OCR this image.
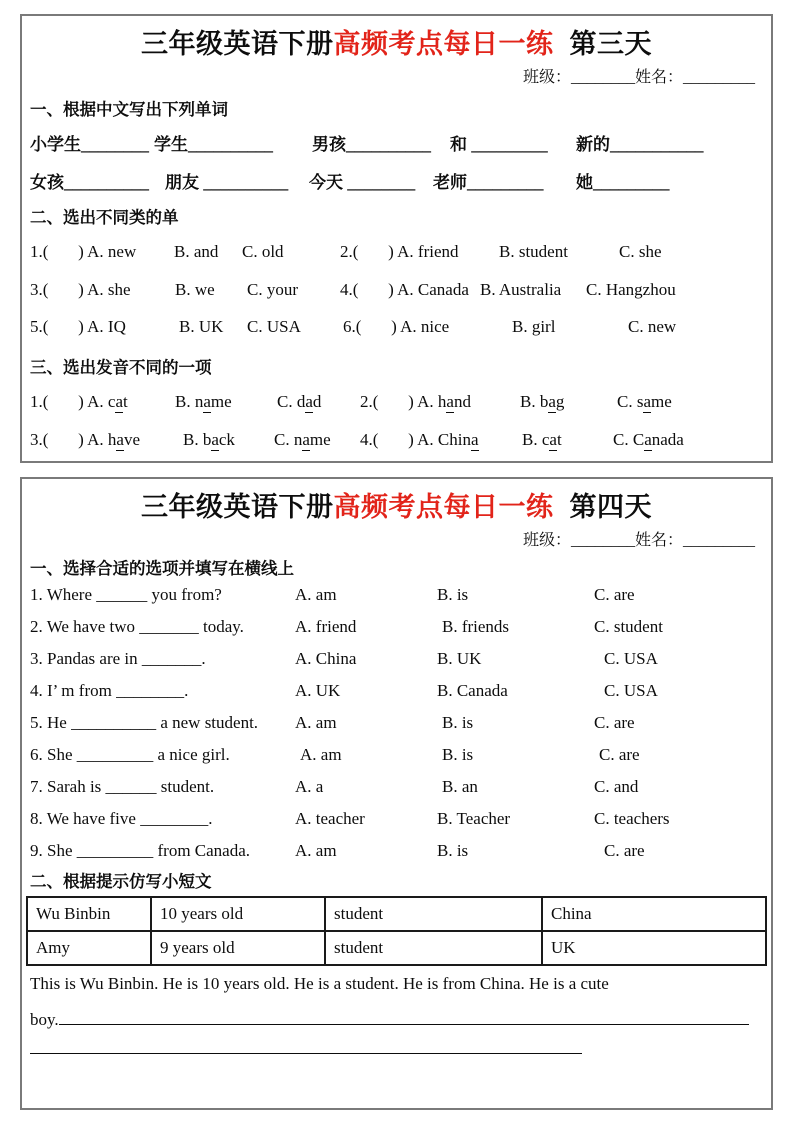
三年级英语下册高频考点每日一练 第三天
班级：________姓名：_________
一、根据中文写出下列单词
小学生________ 学生__________ 男孩__________ 和 _________ 新的___________
女孩__________ 朋友 __________ 今天 ________ 老师_________ 她_________
二、选出不同类的单
1.(       ) A. new B. and C. old	2.(       ) A. friend B. student	C. she
3.(       ) A. she	B. we C. your 4.(       ) A. Canada B. Australia C. Hangzhou
5.(       ) A. IQ	B. UK C. USA 6.(       ) A. nice	B. girl	C. new
三、选出发音不同的一项
1.(       ) A. cat	B. name	C. dad 2.(       ) A. hand	B. bag	C. same
3.(       ) A. have	B. back C. name 4.(       ) A. China	B. cat	C. Canada
三年级英语下册高频考点每日一练 第四天
班级：________姓名：_________
一、选择合适的选项并填写在横线上
1. Where ______ you from?	A. am	B. is	C. are
2. We have two _______ today.	A. friend	B. friends	C. student
3. Pandas are in _______.	A. China	B. UK	C. USA
4. I’ m from ________.	A. UK	B. Canada	C. USA
5. He __________ a new student. A. am	B. is	C. are
6. She _________ a nice girl.	A. am	B. is	C. are
7. Sarah is ______ student.	A. a	B. an	C. and
8. We have five ________.	A. teacher	B. Teacher	C. teachers
9. She _________ from Canada.	A. am	B. is	C. are
二、根据提示仿写小短文
Wu Binbin	10 years old	student	China
Amy	9 years old	student	UK
This is Wu Binbin. He is 10 years old. He is a student. He is from China. He is a cute
boy.
